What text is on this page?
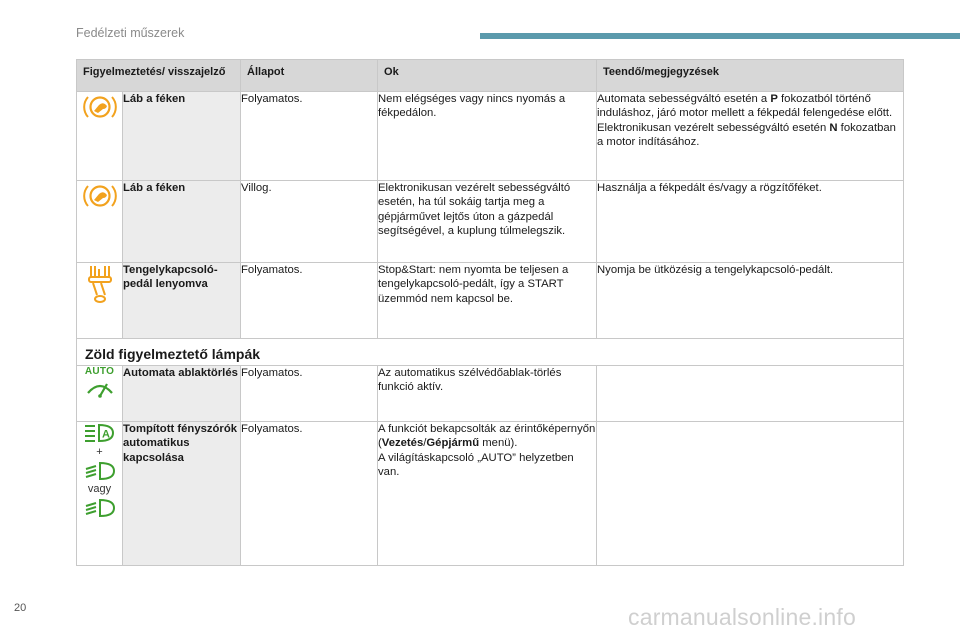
Fedélzeti műszerek
Figyelmeztetés/ visszajelző		Állapot	Ok	Teendő/megjegyzések

	Láb a féken	Folyamatos.	Nem elégséges vagy nincs nyomás a fékpedálon.	Automata sebességváltó esetén a P fokozatból történő induláshoz, járó motor mellett a fékpedál felengedése előtt.
Elektronikusan vezérelt sebességváltó esetén N fokozatban a motor indításához.

	Láb a féken	Villog.	Elektronikusan vezérelt sebességváltó esetén, ha túl sokáig tartja meg a gépjárművet lejtős úton a gázpedál segítségével, a kuplung túlmelegszik.	Használja a fékpedált és/vagy a rögzítőféket.

	Tengelykapcsoló-pedál lenyomva	Folyamatos.	Stop&Start: nem nyomta be teljesen a tengelykapcsoló-pedált, így a START üzemmód nem kapcsol be.	Nyomja be ütközésig a tengelykapcsoló-pedált.
Zöld figyelmeztető lámpák				

AUTO	Automata ablaktörlés	Folyamatos.	Az automatikus szélvédőablak-törlés funkció aktív.	

A
+
vagy	Tompított fényszórók automatikus kapcsolása	Folyamatos.	A funkciót bekapcsolták az érintőképernyőn (Vezetés/Gépjármű menü).
A világításkapcsoló „AUTO” helyzetben van.	
20	carmanualsonline.info
